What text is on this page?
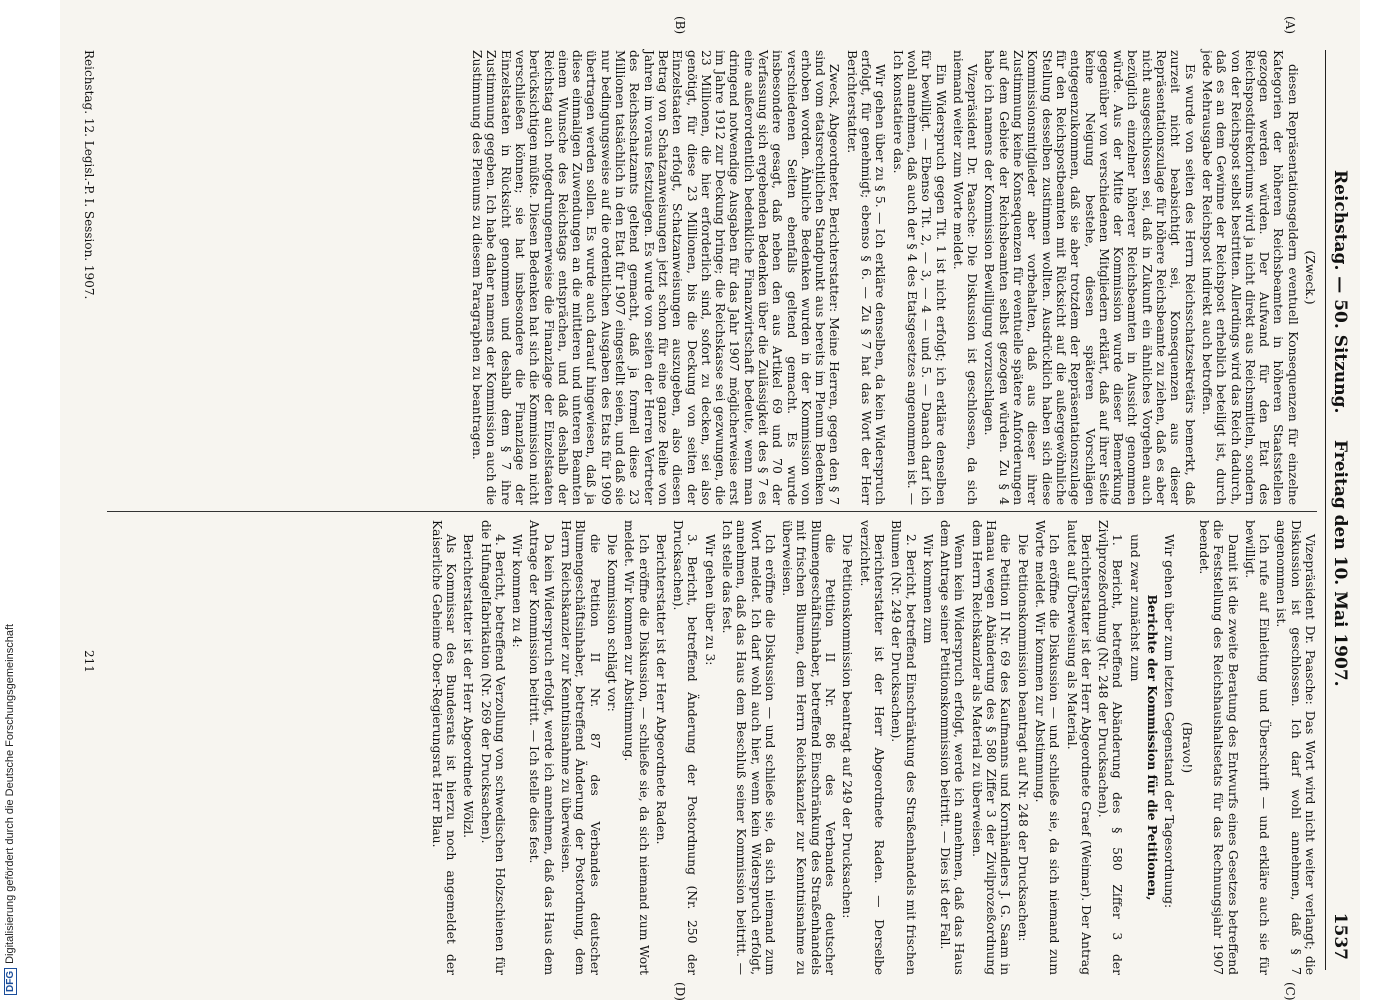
Reichstag. — 50. Sitzung.
Freitag den 10. Mai 1907.
1537
(A)
(B)
(C)
(D)

(Zweck.)

diesen Repräsentationsgeldern eventuell Konsequenzen für einzelne Kategorien der höheren Reichsbeamten in höheren Staatsstellen gezogen werden würden. Der Aufwand für den Etat des Reichspostdirektoriums wird ja nicht direkt aus Reichsmitteln, sondern von der Reichspost selbst bestritten. Allerdings wird das Reich dadurch, daß es an dem Gewinne der Reichspost erheblich beteiligt ist, durch jede Mehrausgabe der Reichspost indirekt auch betroffen.

Es wurde von seiten des Herrn Reichsschatzsekretärs bemerkt, daß zurzeit nicht beabsichtigt sei, Konsequenzen aus dieser Repräsentationszulage für höhere Reichsbeamte zu ziehen, daß es aber nicht ausgeschlossen sei, daß in Zukunft ein ähnliches Vorgehen auch bezüglich einzelner höherer Reichsbeamten in Aussicht genommen würde. Aus der Mitte der Kommission wurde dieser Bemerkung gegenüber von verschiedenen Mitgliedern erklärt, daß auf ihrer Seite keine Neigung bestehe, diesen späteren Vorschlägen entgegenzukommen, daß sie aber trotzdem der Repräsentationszulage für den Reichspostbeamten mit Rücksicht auf die außergewöhnliche Stellung desselben zustimmen wollten. Ausdrücklich haben sich diese Kommissionsmitglieder aber vorbehalten, daß aus dieser ihrer Zustimmung keine Konsequenzen für eventuelle spätere Anforderungen auf dem Gebiete der Reichsbeamten selbst gezogen würden. Zu § 4 habe ich namens der Kommission Bewilligung vorzuschlagen.

Vizepräsident Dr. Paasche: Die Diskussion ist geschlossen, da sich niemand weiter zum Worte meldet.

Ein Widerspruch gegen Tit. 1 ist nicht erfolgt; ich erkläre denselben für bewilligt. — Ebenso Tit. 2, — 3, — 4 — und 5. — Danach darf ich wohl annehmen, daß auch der § 4 des Etatsgesetzes angenommen ist. — Ich konstatiere das.

Wir gehen über zu § 5. — Ich erkläre denselben, da kein Widerspruch erfolgt, für genehmigt; ebenso § 6. — Zu § 7 hat das Wort der Herr Berichterstatter.

Zweck, Abgeordneter, Berichterstatter: Meine Herren, gegen den § 7 sind vom etatsrechtlichen Standpunkt aus bereits im Plenum Bedenken erhoben worden. Ähnliche Bedenken wurden in der Kommission von verschiedenen Seiten ebenfalls geltend gemacht. Es wurde insbesondere gesagt, daß neben den aus Artikel 69 und 70 der Verfassung sich ergebenden Bedenken über die Zulässigkeit des § 7 es eine außerordentlich bedenkliche Finanzwirtschaft bedeute, wenn man dringend notwendige Ausgaben für das Jahr 1907 möglicherweise erst im Jahre 1912 zur Deckung bringe; die Reichskasse sei gezwungen, die 23 Millionen, die hier erforderlich sind, sofort zu decken, sei also genötigt, für diese 23 Millionen, bis die Deckung von seiten der Einzelstaaten erfolgt, Schatzanweisungen auszugeben, also diesen Betrag von Schatzanweisungen jetzt schon für eine ganze Reihe von Jahren im voraus festzulegen. Es wurde von seiten der Herren Vertreter des Reichsschatzamts geltend gemacht, daß ja formell diese 23 Millionen tatsächlich in den Etat für 1907 eingestellt seien, und daß sie nur bedingungsweise auf die ordentlichen Ausgaben des Etats für 1909 übertragen werden sollen. Es wurde auch darauf hingewiesen, daß ja diese einmaligen Zuwendungen an die mittleren und unteren Beamten einem Wunsche des Reichstags entsprächen, und daß deshalb der Reichstag auch notgedrungenerweise die Finanzlage der Einzelstaaten berücksichtigen müßte. Diesen Bedenken hat sich die Kommission nicht verschließen können; sie hat insbesondere die Finanzlage der Einzelstaaten in Rücksicht genommen und deshalb dem § 7 ihre Zustimmung gegeben. Ich habe daher namens der Kommission auch die Zustimmung des Plenums zu diesem Paragraphen zu beantragen.

Vizepräsident Dr. Paasche: Das Wort wird nicht weiter verlangt; die Diskussion ist geschlossen. Ich darf wohl annehmen, daß § 7 angenommen ist.

Ich rufe auf Einleitung und Überschrift — und erkläre auch sie für bewilligt.

Damit ist die zweite Beratung des Entwurfs eines Gesetzes betreffend die Feststellung des Reichshaushaltsetats für das Rechnungsjahr 1907 beendet.

(Bravo!)

Wir gehen über zum letzten Gegenstand der Tagesordnung:

Berichte der Kommission für die Petitionen,

und zwar zunächst zum

1. Bericht, betreffend Abänderung des § 580 Ziffer 3 der Zivilprozeßordnung (Nr. 248 der Drucksachen).

Berichterstatter ist der Herr Abgeordnete Graef (Weimar). Der Antrag lautet auf Überweisung als Material.

Ich eröffne die Diskussion — und schließe sie, da sich niemand zum Worte meldet. Wir kommen zur Abstimmung.

Die Petitionskommission beantragt auf Nr. 248 der Drucksachen:

die Petition II Nr. 69 des Kaufmanns und Kornhändlers J. G. Saam in Hanau wegen Abänderung des § 580 Ziffer 3 der Zivilprozeßordnung dem Herrn Reichskanzler als Material zu überweisen.

Wenn kein Widerspruch erfolgt, werde ich annehmen, daß das Haus dem Antrage seiner Petitionskommission beitritt. — Dies ist der Fall.

Wir kommen zum

2. Bericht, betreffend Einschränkung des Straßenhandels mit frischen Blumen (Nr. 249 der Drucksachen).

Berichterstatter ist der Herr Abgeordnete Raden. — Derselbe verzichtet.

Die Petitionskommission beantragt auf 249 der Drucksachen:

die Petition II Nr. 86 des Verbandes deutscher Blumengeschäftsinhaber, betreffend Einschränkung des Straßenhandels mit frischen Blumen, dem Herrn Reichskanzler zur Kenntnisnahme zu überweisen.

Ich eröffne die Diskussion — und schließe sie, da sich niemand zum Wort meldet. Ich darf wohl auch hier, wenn kein Widerspruch erfolgt, annehmen, daß das Haus dem Beschluß seiner Kommission beitritt. — Ich stelle das fest.

Wir gehen über zu 3:

3. Bericht, betreffend Änderung der Postordnung (Nr. 250 der Drucksachen).

Berichterstatter ist der Herr Abgeordnete Raden.

Ich eröffne die Diskussion, — schließe sie, da sich niemand zum Wort meldet. Wir kommen zur Abstimmung.

Die Kommission schlägt vor:

die Petition II Nr. 87 des Verbandes deutscher Blumengeschäftsinhaber, betreffend Änderung der Postordnung, dem Herrn Reichskanzler zur Kenntnisnahme zu überweisen.

Da kein Widerspruch erfolgt, werde ich annehmen, daß das Haus dem Antrage der Kommission beitritt. — Ich stelle dies fest.

Wir kommen zu 4:

4. Bericht, betreffend Verzollung von schwedischen Holzschienen für die Hufnagelfabrikation (Nr. 269 der Drucksachen).

Berichterstatter ist der Herr Abgeordnete Wölzl.

Als Kommissar des Bundesrats ist hierzu noch angemeldet der Kaiserliche Geheime Ober-Regierungsrat Herr Blau.

Reichstag. 12. Legisl.-P. I. Session. 1907.
211
DFGDigitalisierung gefördert durch die Deutsche Forschungsgemeinschaft
